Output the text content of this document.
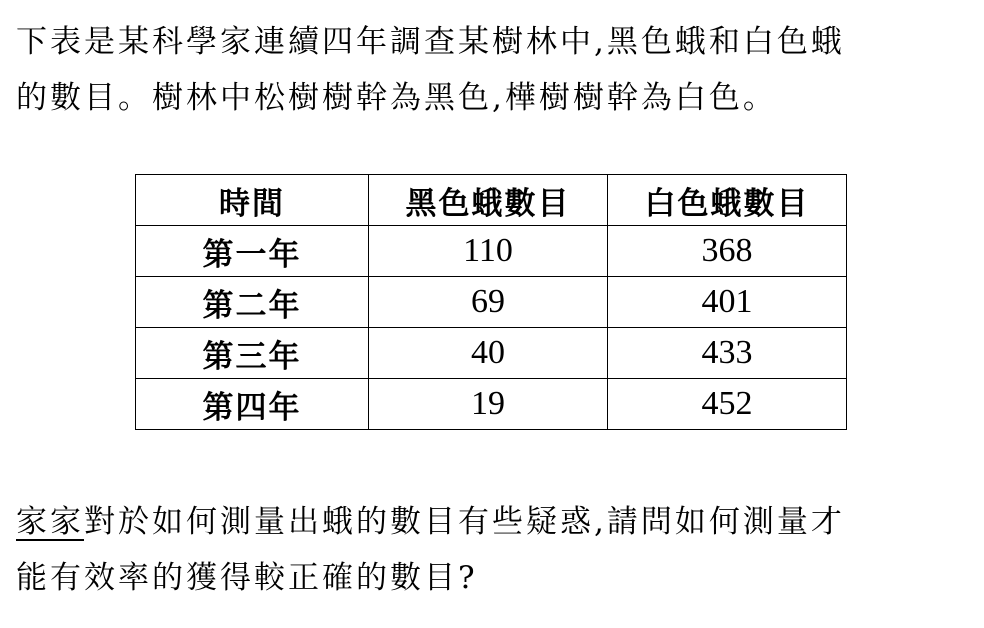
下表是某科學家連續四年調查某樹林中,黑色蛾和白色蛾
的數目。樹林中松樹樹幹為黑色,樺樹樹幹為白色。
時間	黑色蛾數目	白色蛾數目
第一年	110	368
第二年	69	401
第三年	40	433
第四年	19	452
家家對於如何測量出蛾的數目有些疑惑,請問如何測量才
能有效率的獲得較正確的數目?
